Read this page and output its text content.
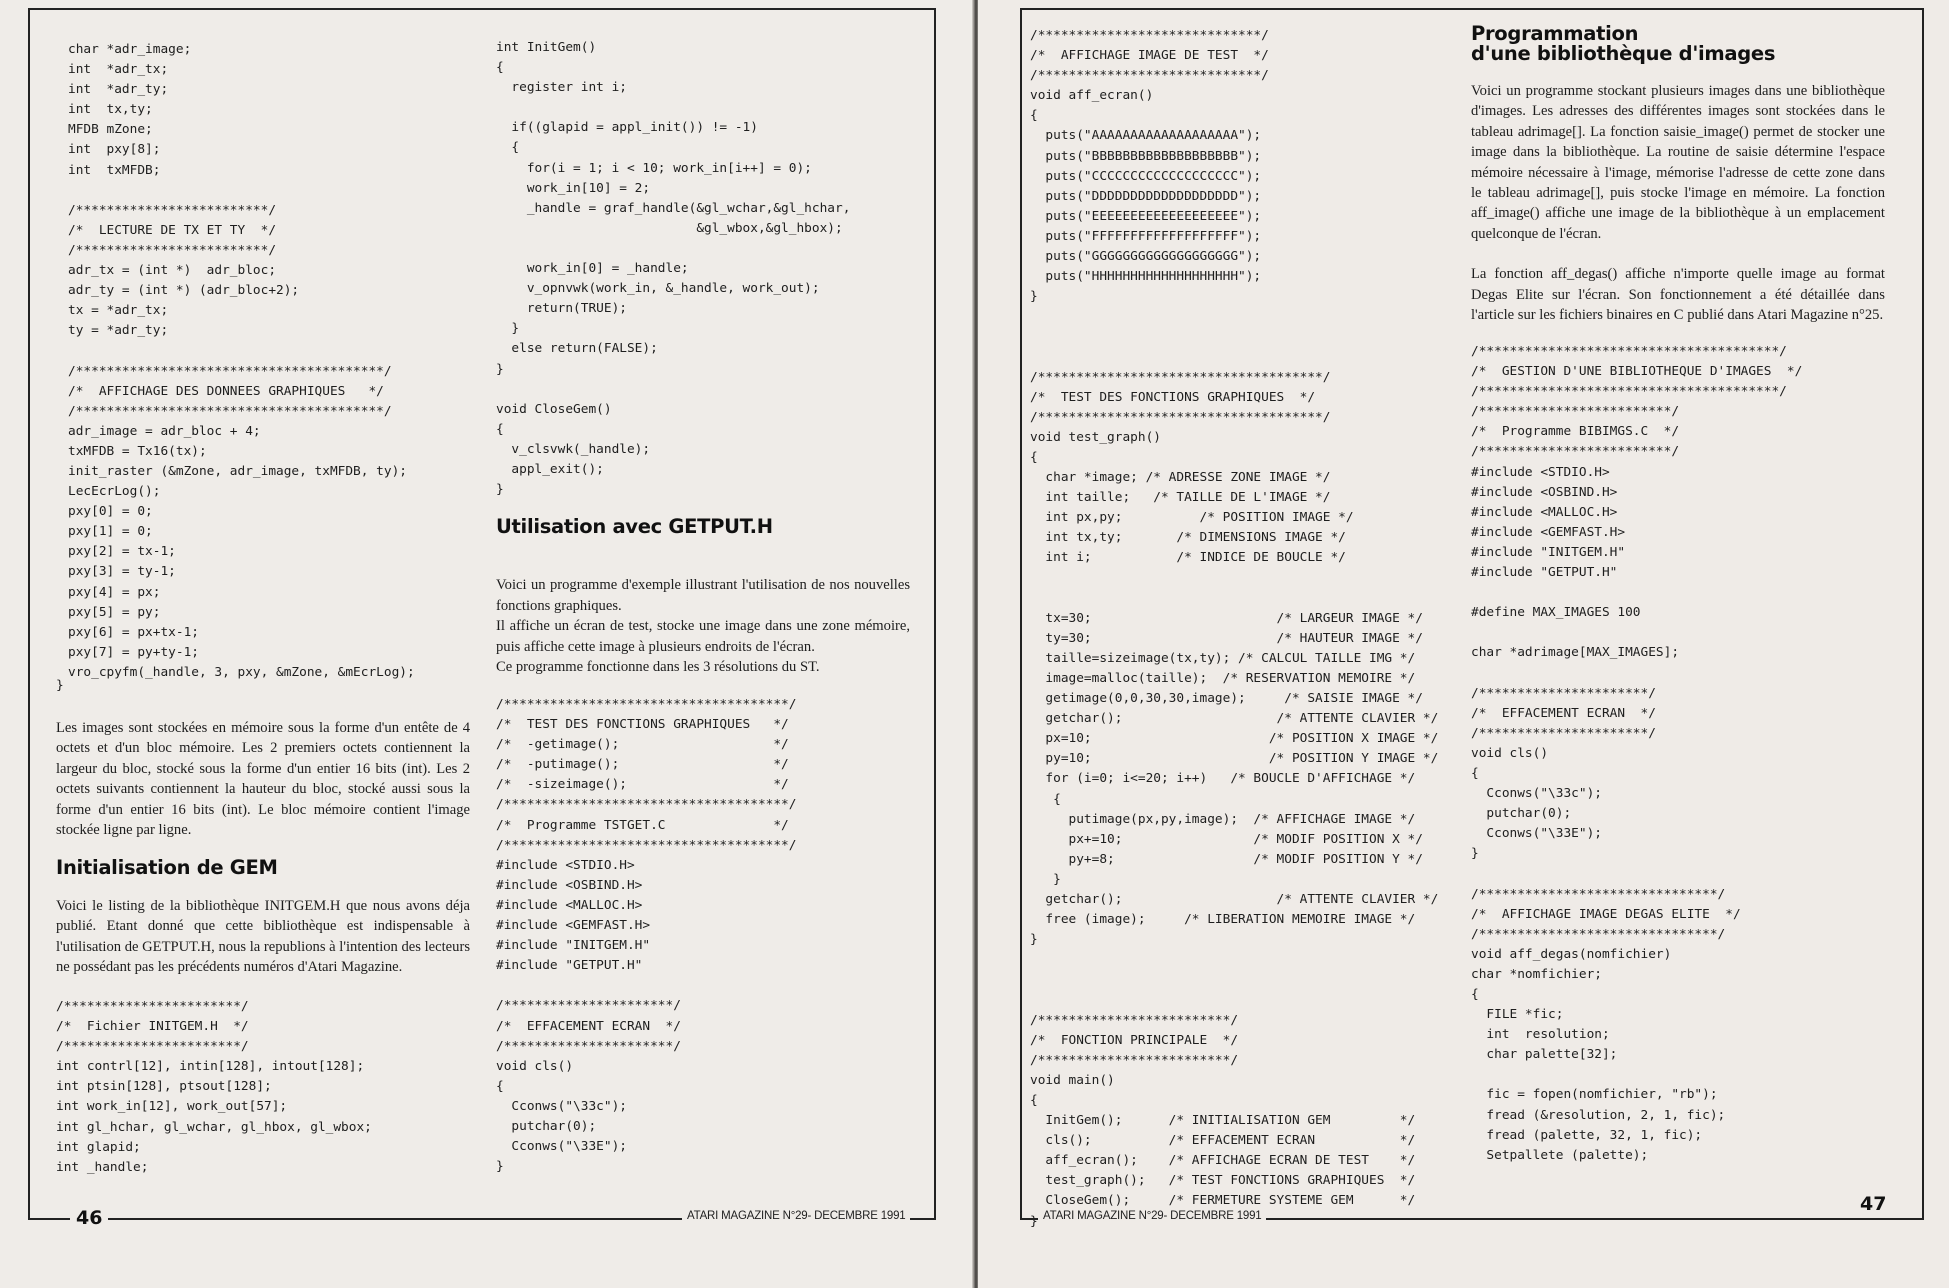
char *adr_image;
int  *adr_tx;
int  *adr_ty;
int  tx,ty;
MFDB mZone;
int  pxy[8];
int  txMFDB;

/*************************/
/*  LECTURE DE TX ET TY  */
/*************************/
adr_tx = (int *)  adr_bloc;
adr_ty = (int *) (adr_bloc+2);
tx = *adr_tx;
ty = *adr_ty;

/****************************************/
/*  AFFICHAGE DES DONNEES GRAPHIQUES   */
/****************************************/
adr_image = adr_bloc + 4;
txMFDB = Tx16(tx);
init_raster (&mZone, adr_image, txMFDB, ty);
LecEcrLog();
pxy[0] = 0;
pxy[1] = 0;
pxy[2] = tx-1;
pxy[3] = ty-1;
pxy[4] = px;
pxy[5] = py;
pxy[6] = px+tx-1;
pxy[7] = py+ty-1;
vro_cpyfm(_handle, 3, pxy, &mZone, &mEcrLog);
}

Les images sont stockées en mémoire sous la forme d'un entête de 4 octets et d'un bloc mémoire. Les 2 premiers octets contiennent la largeur du bloc, stocké sous la forme d'un entier 16 bits (int). Les 2 octets suivants contiennent la hauteur du bloc, stocké aussi sous la forme d'un entier 16 bits (int). Le bloc mémoire contient l'image stockée ligne par ligne.

Initialisation de GEM

Voici le listing de la bibliothèque INITGEM.H que nous avons déja publié. Etant donné que cette bibliothèque est indispensable à l'utilisation de GETPUT.H, nous la republions à l'intention des lecteurs ne possédant pas les précédents numéros d'Atari Magazine.

/***********************/
/*  Fichier INITGEM.H  */
/***********************/
int contrl[12], intin[128], intout[128];
int ptsin[128], ptsout[128];
int work_in[12], work_out[57];
int gl_hchar, gl_wchar, gl_hbox, gl_wbox;
int glapid;
int _handle;
int InitGem()
{
register int i;

if((glapid = appl_init()) != -1)
{
for(i = 1; i < 10; work_in[i++] = 0);
work_in[10] = 2;
_handle = graf_handle(&gl_wchar,&gl_hchar,
&gl_wbox,&gl_hbox);

work_in[0] = _handle;
v_opnvwk(work_in, &_handle, work_out);
return(TRUE);
}
else return(FALSE);
}

void CloseGem()
{
v_clsvwk(_handle);
appl_exit();
}
Utilisation avec GETPUT.H

Voici un programme d'exemple illustrant l'utilisation de nos nouvelles fonctions graphiques.
Il affiche un écran de test, stocke une image dans une zone mémoire, puis affiche cette image à plusieurs endroits de l'écran.
Ce programme fonctionne dans les 3 résolutions du ST.

/*************************************/
/*  TEST DES FONCTIONS GRAPHIQUES   */
/*  -getimage();                    */
/*  -putimage();                    */
/*  -sizeimage();                   */
/*************************************/
/*  Programme TSTGET.C              */
/*************************************/
#include <STDIO.H>
#include <OSBIND.H>
#include <MALLOC.H>
#include <GEMFAST.H>
#include "INITGEM.H"
#include "GETPUT.H"

/**********************/
/*  EFFACEMENT ECRAN  */
/**********************/
void cls()
{
Cconws("\33c");
putchar(0);
Cconws("\33E");
}
46	ATARI MAGAZINE N°29- DECEMBRE 1991
/*****************************/
/*  AFFICHAGE IMAGE DE TEST  */
/*****************************/
void aff_ecran()
{
puts("AAAAAAAAAAAAAAAAAAA");
puts("BBBBBBBBBBBBBBBBBBB");
puts("CCCCCCCCCCCCCCCCCCC");
puts("DDDDDDDDDDDDDDDDDDD");
puts("EEEEEEEEEEEEEEEEEEE");
puts("FFFFFFFFFFFFFFFFFFF");
puts("GGGGGGGGGGGGGGGGGGG");
puts("HHHHHHHHHHHHHHHHHHH");
}

/*************************************/
/*  TEST DES FONCTIONS GRAPHIQUES  */
/*************************************/
void test_graph()
{
char *image; /* ADRESSE ZONE IMAGE */
int taille;   /* TAILLE DE L'IMAGE */
int px,py;          /* POSITION IMAGE */
int tx,ty;       /* DIMENSIONS IMAGE */
int i;           /* INDICE DE BOUCLE */

tx=30;                        /* LARGEUR IMAGE */
ty=30;                        /* HAUTEUR IMAGE */
taille=sizeimage(tx,ty); /* CALCUL TAILLE IMG */
image=malloc(taille);  /* RESERVATION MEMOIRE */
getimage(0,0,30,30,image);     /* SAISIE IMAGE */
getchar();                    /* ATTENTE CLAVIER */
px=10;                       /* POSITION X IMAGE */
py=10;                       /* POSITION Y IMAGE */
for (i=0; i<=20; i++)   /* BOUCLE D'AFFICHAGE */
{
putimage(px,py,image);  /* AFFICHAGE IMAGE */
px+=10;                 /* MODIF POSITION X */
py+=8;                  /* MODIF POSITION Y */
}
getchar();                    /* ATTENTE CLAVIER */
free (image);     /* LIBERATION MEMOIRE IMAGE */
}

/*************************/
/*  FONCTION PRINCIPALE  */
/*************************/
void main()
{
InitGem();      /* INITIALISATION GEM         */
cls();          /* EFFACEMENT ECRAN           */
aff_ecran();    /* AFFICHAGE ECRAN DE TEST    */
test_graph();   /* TEST FONCTIONS GRAPHIQUES  */
CloseGem();     /* FERMETURE SYSTEME GEM      */
}
Programmation
d'une bibliothèque d'images

Voici un programme stockant plusieurs images dans une bibliothèque d'images. Les adresses des différentes images sont stockées dans le tableau adrimage[]. La fonction saisie_image() permet de stocker une image dans la bibliothèque. La routine de saisie détermine l'espace mémoire nécessaire à l'image, mémorise l'adresse de cette zone dans le tableau adrimage[], puis stocke l'image en mémoire. La fonction aff_image() affiche une image de la bibliothèque à un emplacement quelconque de l'écran.

La fonction aff_degas() affiche n'importe quelle image au format Degas Elite sur l'écran. Son fonctionnement a été détaillée dans l'article sur les fichiers binaires en C publié dans Atari Magazine n°25.

/***************************************/
/*  GESTION D'UNE BIBLIOTHEQUE D'IMAGES  */
/***************************************/
/*************************/
/*  Programme BIBIMGS.C  */
/*************************/
#include <STDIO.H>
#include <OSBIND.H>
#include <MALLOC.H>
#include <GEMFAST.H>
#include "INITGEM.H"
#include "GETPUT.H"

#define MAX_IMAGES 100

char *adrimage[MAX_IMAGES];

/**********************/
/*  EFFACEMENT ECRAN  */
/**********************/
void cls()
{
Cconws("\33c");
putchar(0);
Cconws("\33E");
}

/*******************************/
/*  AFFICHAGE IMAGE DEGAS ELITE  */
/*******************************/
void aff_degas(nomfichier)
char *nomfichier;
{
FILE *fic;
int  resolution;
char palette[32];

fic = fopen(nomfichier, "rb");
fread (&resolution, 2, 1, fic);
fread (palette, 32, 1, fic);
Setpallete (palette);
ATARI MAGAZINE N°29- DECEMBRE 1991
47
